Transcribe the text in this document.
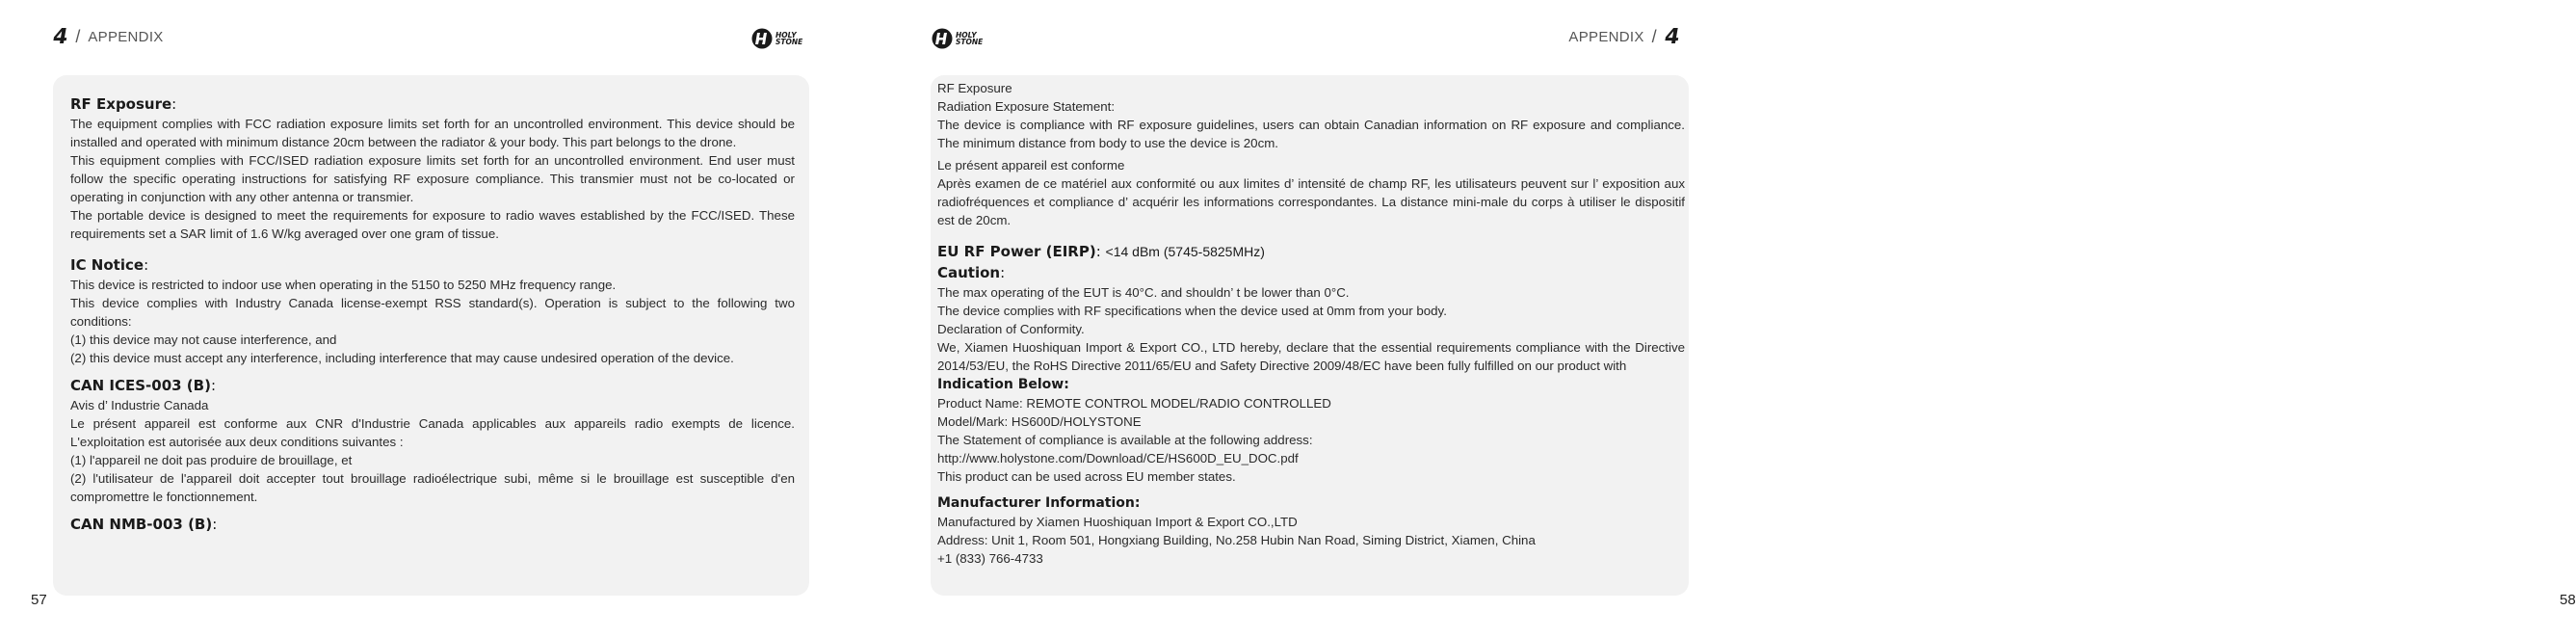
4 / APPENDIX	HOLY
STONE
57
RF Exposure:
The equipment complies with FCC radiation exposure limits set forth for an uncontrolled environment. This device should be installed and operated with minimum distance 20cm between the radiator & your body. This part belongs to the drone.
This equipment complies with FCC/ISED radiation exposure limits set forth for an uncontrolled environment. End user must follow the specific operating instructions for satisfying RF exposure compliance. This transmier must not be co-located or operating in conjunction with any other antenna or transmier.
The portable device is designed to meet the requirements for exposure to radio waves established by the FCC/ISED. These requirements set a SAR limit of 1.6 W/kg averaged over one gram of tissue.
IC Notice:
This device is restricted to indoor use when operating in the 5150 to 5250 MHz frequency range.
This device complies with Industry Canada license-exempt RSS standard(s). Operation is subject to the following two conditions:
(1) this device may not cause interference, and
(2) this device must accept any interference, including interference that may cause undesired operation of the device.
CAN ICES-003 (B):
Avis d’ Industrie Canada
Le présent appareil est conforme aux CNR d'Industrie Canada applicables aux appareils radio exempts de licence. L'exploitation est autorisée aux deux conditions suivantes :
(1) l'appareil ne doit pas produire de brouillage, et
(2) l'utilisateur de l'appareil doit accepter tout brouillage radioélectrique subi, même si le brouillage est susceptible d'en compromettre le fonctionnement.
CAN NMB-003 (B):
HOLY
STONE	APPENDIX / 4
58
RF Exposure
Radiation Exposure Statement:
The device is compliance with RF exposure guidelines, users can obtain Canadian information on RF exposure and compliance. The minimum distance from body to use the device is 20cm.
Le présent appareil est conforme
Après examen de ce matériel aux conformité ou aux limites d’ intensité de champ RF, les utilisateurs peuvent sur l’ exposition aux radiofréquences et compliance d’ acquérir les informations correspondantes. La distance mini-male du corps à utiliser le dispositif est de 20cm.
EU RF Power (EIRP): <14 dBm (5745-5825MHz)
Caution:
The max operating of the EUT is 40°C. and shouldn’ t be lower than 0°C.
The device complies with RF specifications when the device used at 0mm from your body.
Declaration of Conformity.
We, Xiamen Huoshiquan Import & Export CO., LTD hereby, declare that the essential requirements compliance with the Directive 2014/53/EU, the RoHS Directive 2011/65/EU and Safety Directive 2009/48/EC have been fully fulfilled on our product with
Indication Below:
Product Name: REMOTE CONTROL MODEL/RADIO CONTROLLED
Model/Mark: HS600D/HOLYSTONE
The Statement of compliance is available at the following address:
http://www.holystone.com/Download/CE/HS600D_EU_DOC.pdf
This product can be used across EU member states.
Manufacturer Information:
Manufactured by Xiamen Huoshiquan Import & Export CO.,LTD
Address: Unit 1, Room 501, Hongxiang Building, No.258 Hubin Nan Road, Siming District, Xiamen, China
+1 (833) 766-4733
